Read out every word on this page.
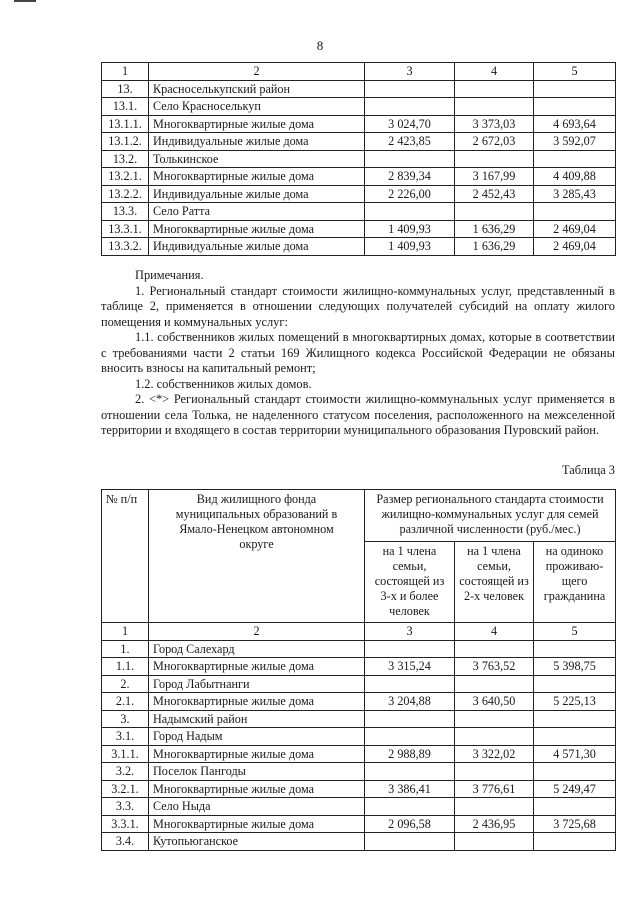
8
1	2	3	4	5
13.	Красноселькупский район			
13.1.	Село Красноселькуп			
13.1.1.	Многоквартирные жилые дома	3 024,70	3 373,03	4 693,64
13.1.2.	Индивидуальные жилые дома	2 423,85	2 672,03	3 592,07
13.2.	Толькинское			
13.2.1.	Многоквартирные жилые дома	2 839,34	3 167,99	4 409,88
13.2.2.	Индивидуальные жилые дома	2 226,00	2 452,43	3 285,43
13.3.	Село Ратта			
13.3.1.	Многоквартирные жилые дома	1 409,93	1 636,29	2 469,04
13.3.2.	Индивидуальные жилые дома	1 409,93	1 636,29	2 469,04

Примечания.

1. Региональный стандарт стоимости жилищно-коммунальных услуг, представленный в таблице 2, применяется в отношении следующих получателей субсидий на оплату жилого помещения и коммунальных услуг:

1.1. собственников жилых помещений в многоквартирных домах, которые в соответствии с требованиями части 2 статьи 169 Жилищного кодекса Российской Федерации не обязаны вносить взносы на капитальный ремонт;

1.2. собственников жилых домов.

2. <*> Региональный стандарт стоимости жилищно-коммунальных услуг применяется в отношении села Толька, не наделенного статусом поселения, расположенного на межселенной территории и входящего в состав территории муниципального образования Пуровский район.

Таблица 3
№ п/п	Вид жилищного фонда муниципальных образований в Ямало-Ненецком автономном округе	Размер регионального стандарта стоимости жилищно-коммунальных услуг для семей различной численности (руб./мес.)		
		на 1 члена семьи, состоящей из 3-х и более человек	на 1 члена семьи, состоящей из 2-х человек	на одиноко проживающего гражданина
1	2	3	4	5
1.	Город Салехард			
1.1.	Многоквартирные жилые дома	3 315,24	3 763,52	5 398,75
2.	Город Лабытнанги			
2.1.	Многоквартирные жилые дома	3 204,88	3 640,50	5 225,13
3.	Надымский район			
3.1.	Город Надым			
3.1.1.	Многоквартирные жилые дома	2 988,89	3 322,02	4 571,30
3.2.	Поселок Пангоды			
3.2.1.	Многоквартирные жилые дома	3 386,41	3 776,61	5 249,47
3.3.	Село Ныда			
3.3.1.	Многоквартирные жилые дома	2 096,58	2 436,95	3 725,68
3.4.	Кутопьюганское			
